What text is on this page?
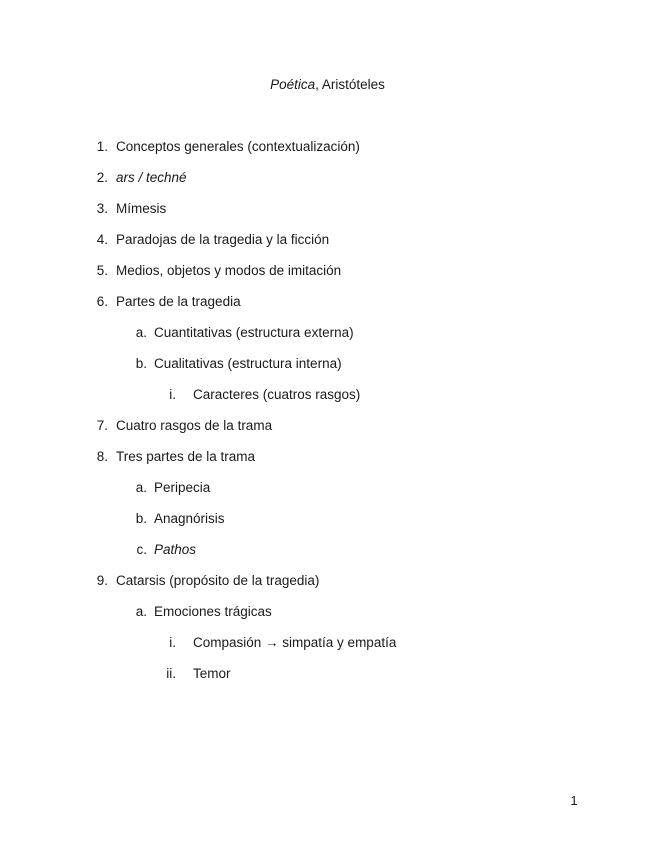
Poética, Aristóteles
1. Conceptos generales (contextualización)
2. ars / techné
3. Mímesis
4. Paradojas de la tragedia y la ficción
5. Medios, objetos y modos de imitación
6. Partes de la tragedia
a. Cuantitativas (estructura externa)
b. Cualitativas (estructura interna)
i. Caracteres (cuatros rasgos)
7. Cuatro rasgos de la trama
8. Tres partes de la trama
a. Peripecia
b. Anagnórisis
c. Pathos
9. Catarsis (propósito de la tragedia)
a. Emociones trágicas
i. Compasión → simpatía y empatía
ii. Temor
1
